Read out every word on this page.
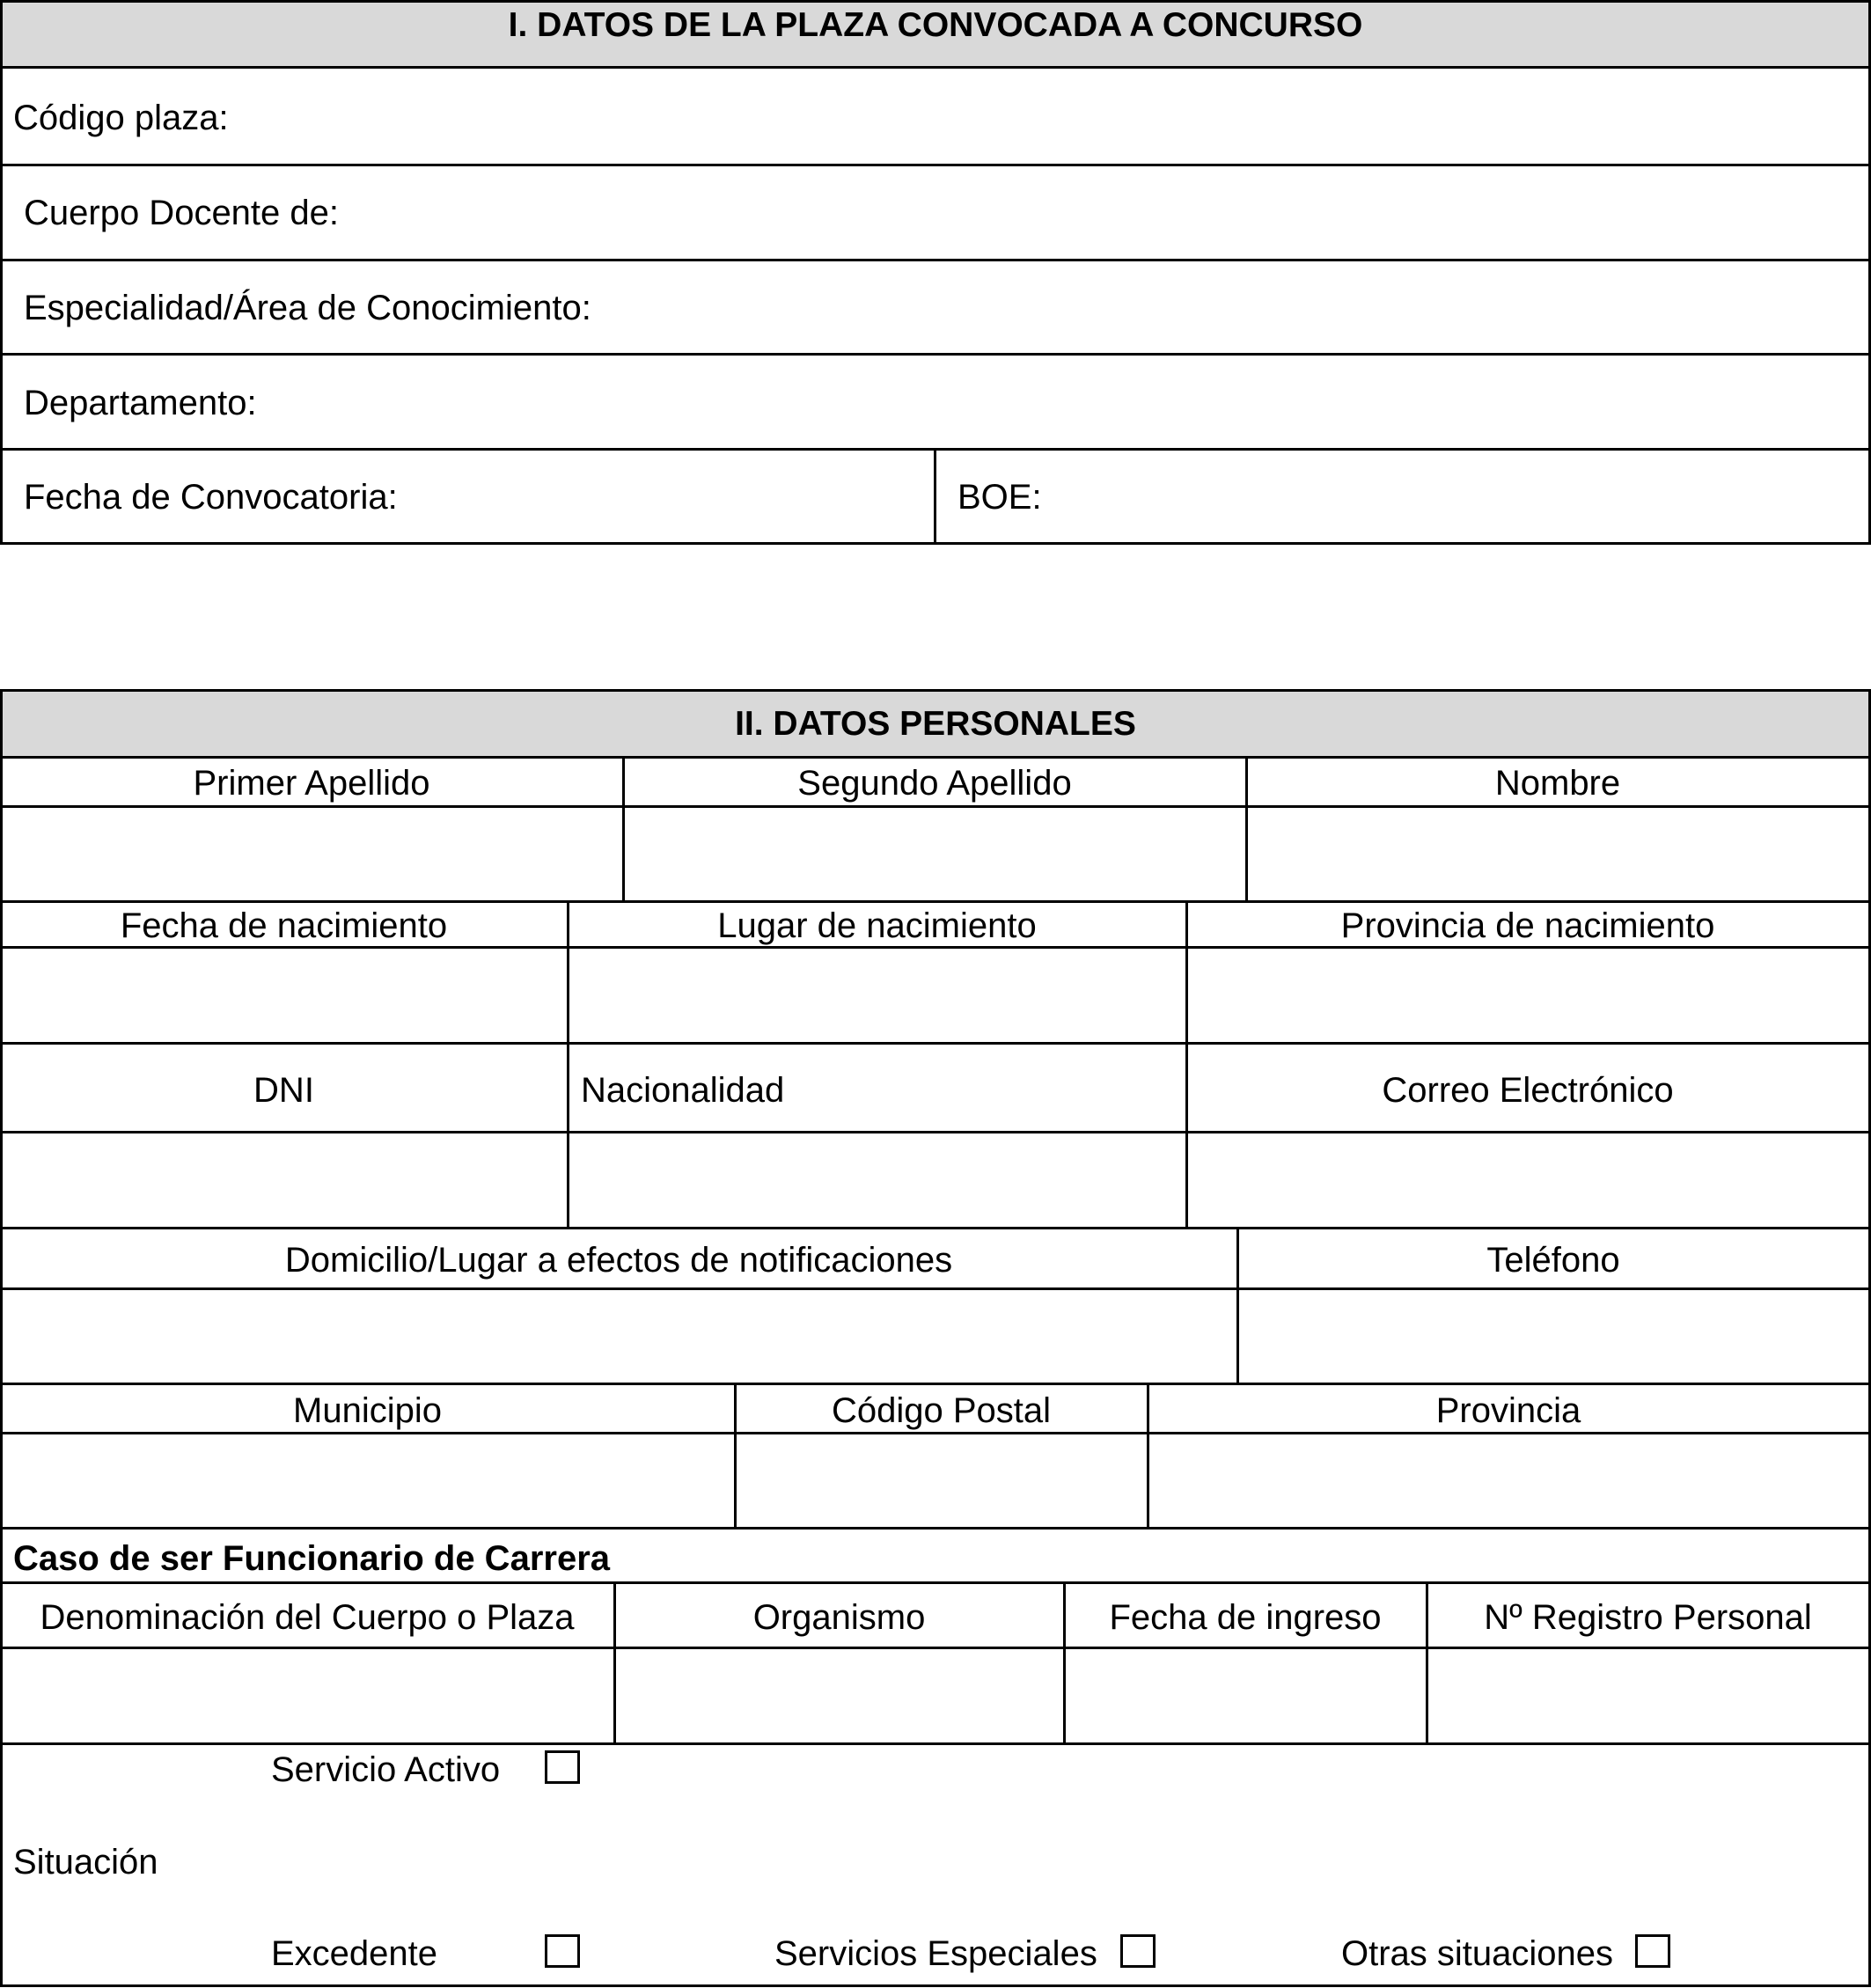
I. DATOS DE LA PLAZA CONVOCADA A CONCURSO
Código plaza:
Cuerpo Docente de:
Especialidad/Área de Conocimiento:
Departamento:
Fecha de Convocatoria:	BOE:
II. DATOS PERSONALES
Primer Apellido	Segundo Apellido	Nombre
Fecha de nacimiento	Lugar de nacimiento	Provincia de nacimiento
DNI	Nacionalidad	Correo Electrónico
Domicilio/Lugar a efectos de notificaciones	Teléfono
Municipio	Código Postal	Provincia
Caso de ser Funcionario de Carrera
Denominación del Cuerpo o Plaza	Organismo	Fecha de ingreso	Nº Registro Personal
Situación
Servicio Activo
Excedente	Servicios Especiales	Otras situaciones
